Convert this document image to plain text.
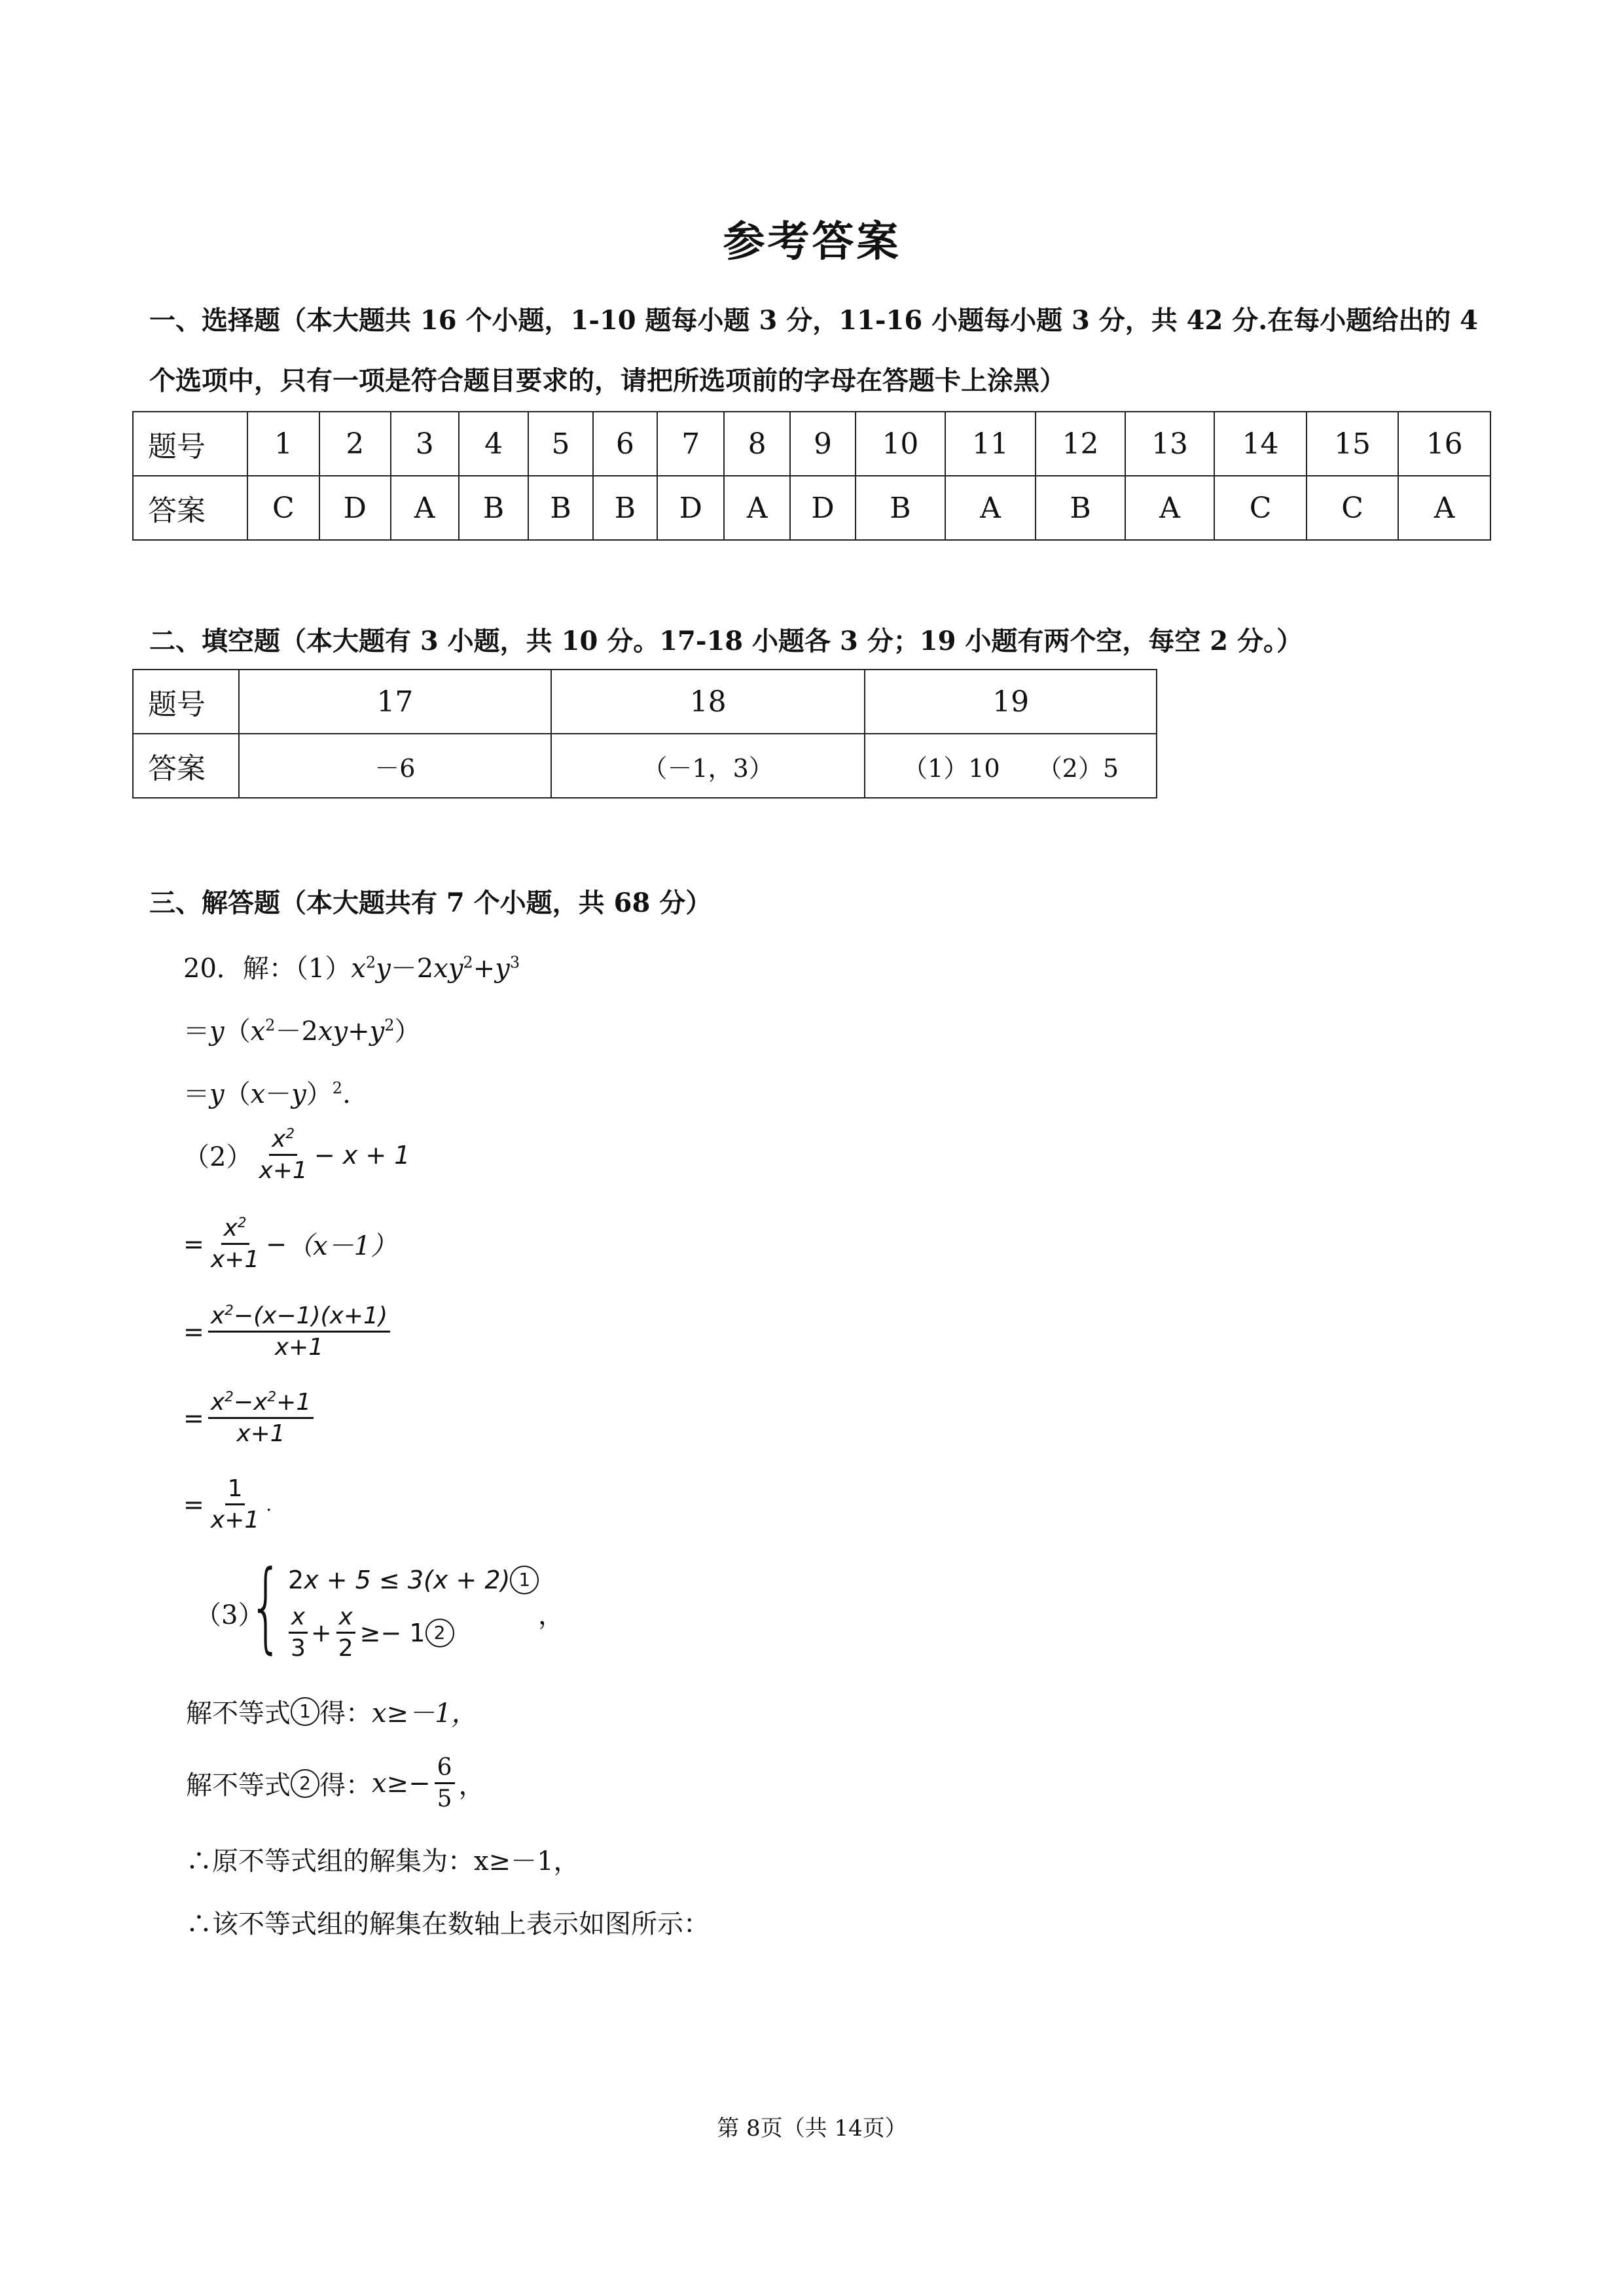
参考答案
一、选择题（本大题共 16 个小题，1-10 题每小题 3 分，11-16 小题每小题 3 分，共 42 分.在每小题给出的 4
个选项中，只有一项是符合题目要求的，请把所选项前的字母在答题卡上涂黑）
题号	1	2	3	4	5	6	7	8	9	10	11	12	13	14	15	16
答案	C	D	A	B	B	B	D	A	D	B	A	B	A	C	C	A
二、填空题（本大题有 3 小题，共 10 分。17-18 小题各 3 分；19 小题有两个空，每空 2 分。）
题号	17	18	19
答案	－6	（－1，3）	（1）10　　（2）5
三、解答题（本大题共有 7 个小题，共 68 分）
20．解：$(1)x^2y-2xy^2+y^3$
$=y(x^2-2xy+y^2)$
$=y(x-y)^2$.
$(2) \frac{x^2}{x+1} - x + 1$
= $\frac{x^2}{x+1} - (x-1)$
= $\frac{x^2-(x-1)(x+1)}{x+1}$
= $\frac{x^2-x^2+1}{x+1}$
= $\frac{1}{x+1}$ .
（3）
{ 2 x + 5 ≤ 3(x + 2) 1
$\frac{x}{3} + \frac{x}{2} \ge- 1$ 2
，
解不等式 1 得： x≥－1，
解不等式 2 得： $x\ge- \frac{6}{5}$ ，
∴原不等式组的解集为：x≥－1，
∴该不等式组的解集在数轴上表示如图所示：
第 8页（共 14页）
